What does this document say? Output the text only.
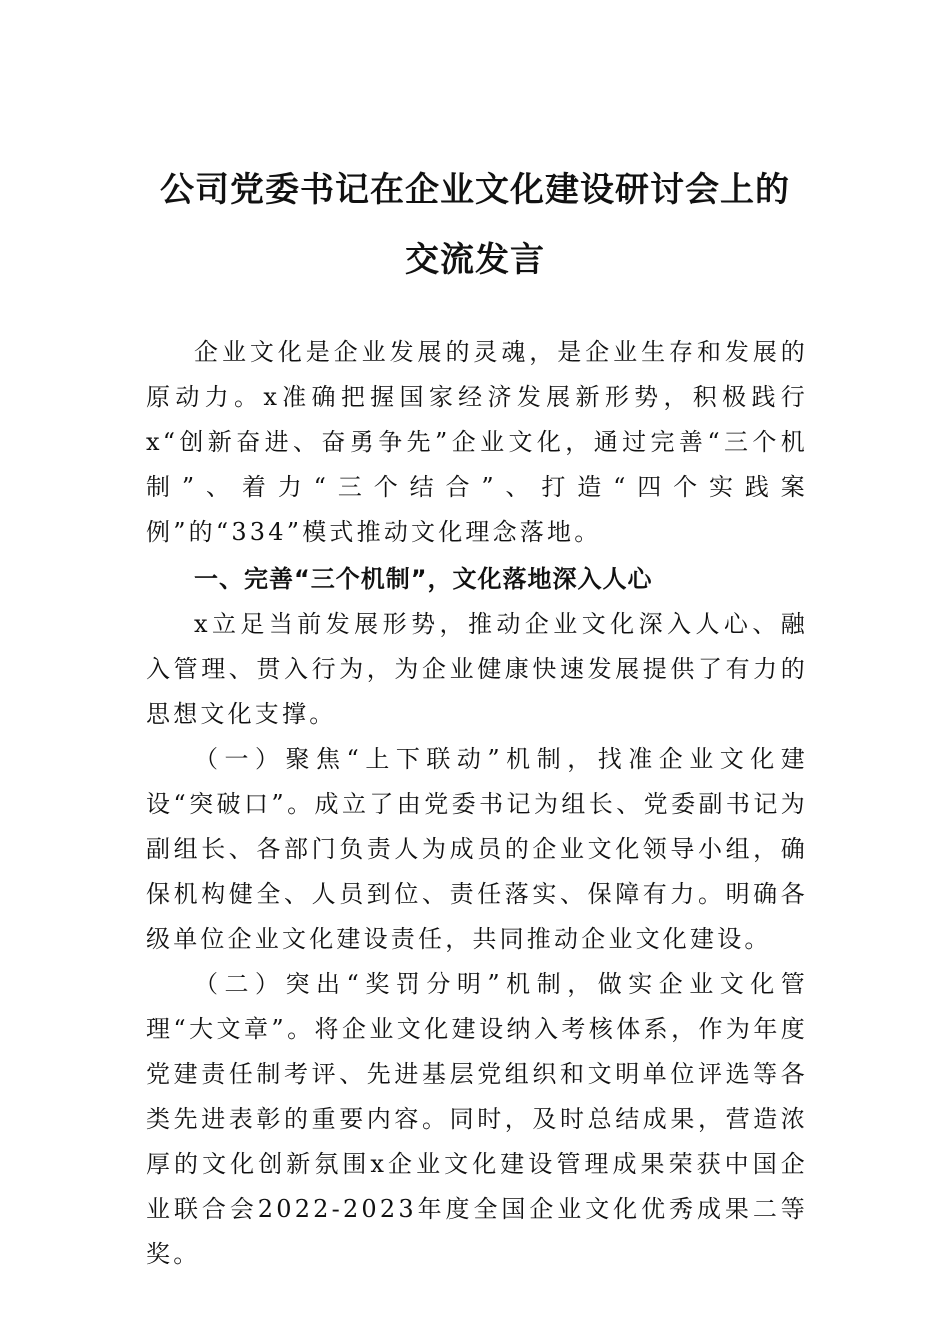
公司党委书记在企业文化建设研讨会上的
交流发言

企业文化是企业发展的灵魂，是企业生存和发展的原动力。x准确把握国家经济发展新形势，积极践行x“创新奋进、奋勇争先”企业文化，通过完善“三个机制”、着力“三个结合”、打造“四个实践案例”的“334”模式推动文化理念落地。

一、完善“三个机制”，文化落地深入人心

x立足当前发展形势，推动企业文化深入人心、融入管理、贯入行为，为企业健康快速发展提供了有力的思想文化支撑。

（一）聚焦“上下联动”机制，找准企业文化建设“突破口”。成立了由党委书记为组长、党委副书记为副组长、各部门负责人为成员的企业文化领导小组，确保机构健全、人员到位、责任落实、保障有力。明确各级单位企业文化建设责任，共同推动企业文化建设。

（二）突出“奖罚分明”机制，做实企业文化管理“大文章”。将企业文化建设纳入考核体系，作为年度党建责任制考评、先进基层党组织和文明单位评选等各类先进表彰的重要内容。同时，及时总结成果，营造浓厚的文化创新氛围x企业文化建设管理成果荣获中国企业联合会2022-2023年度全国企业文化优秀成果二等奖。
